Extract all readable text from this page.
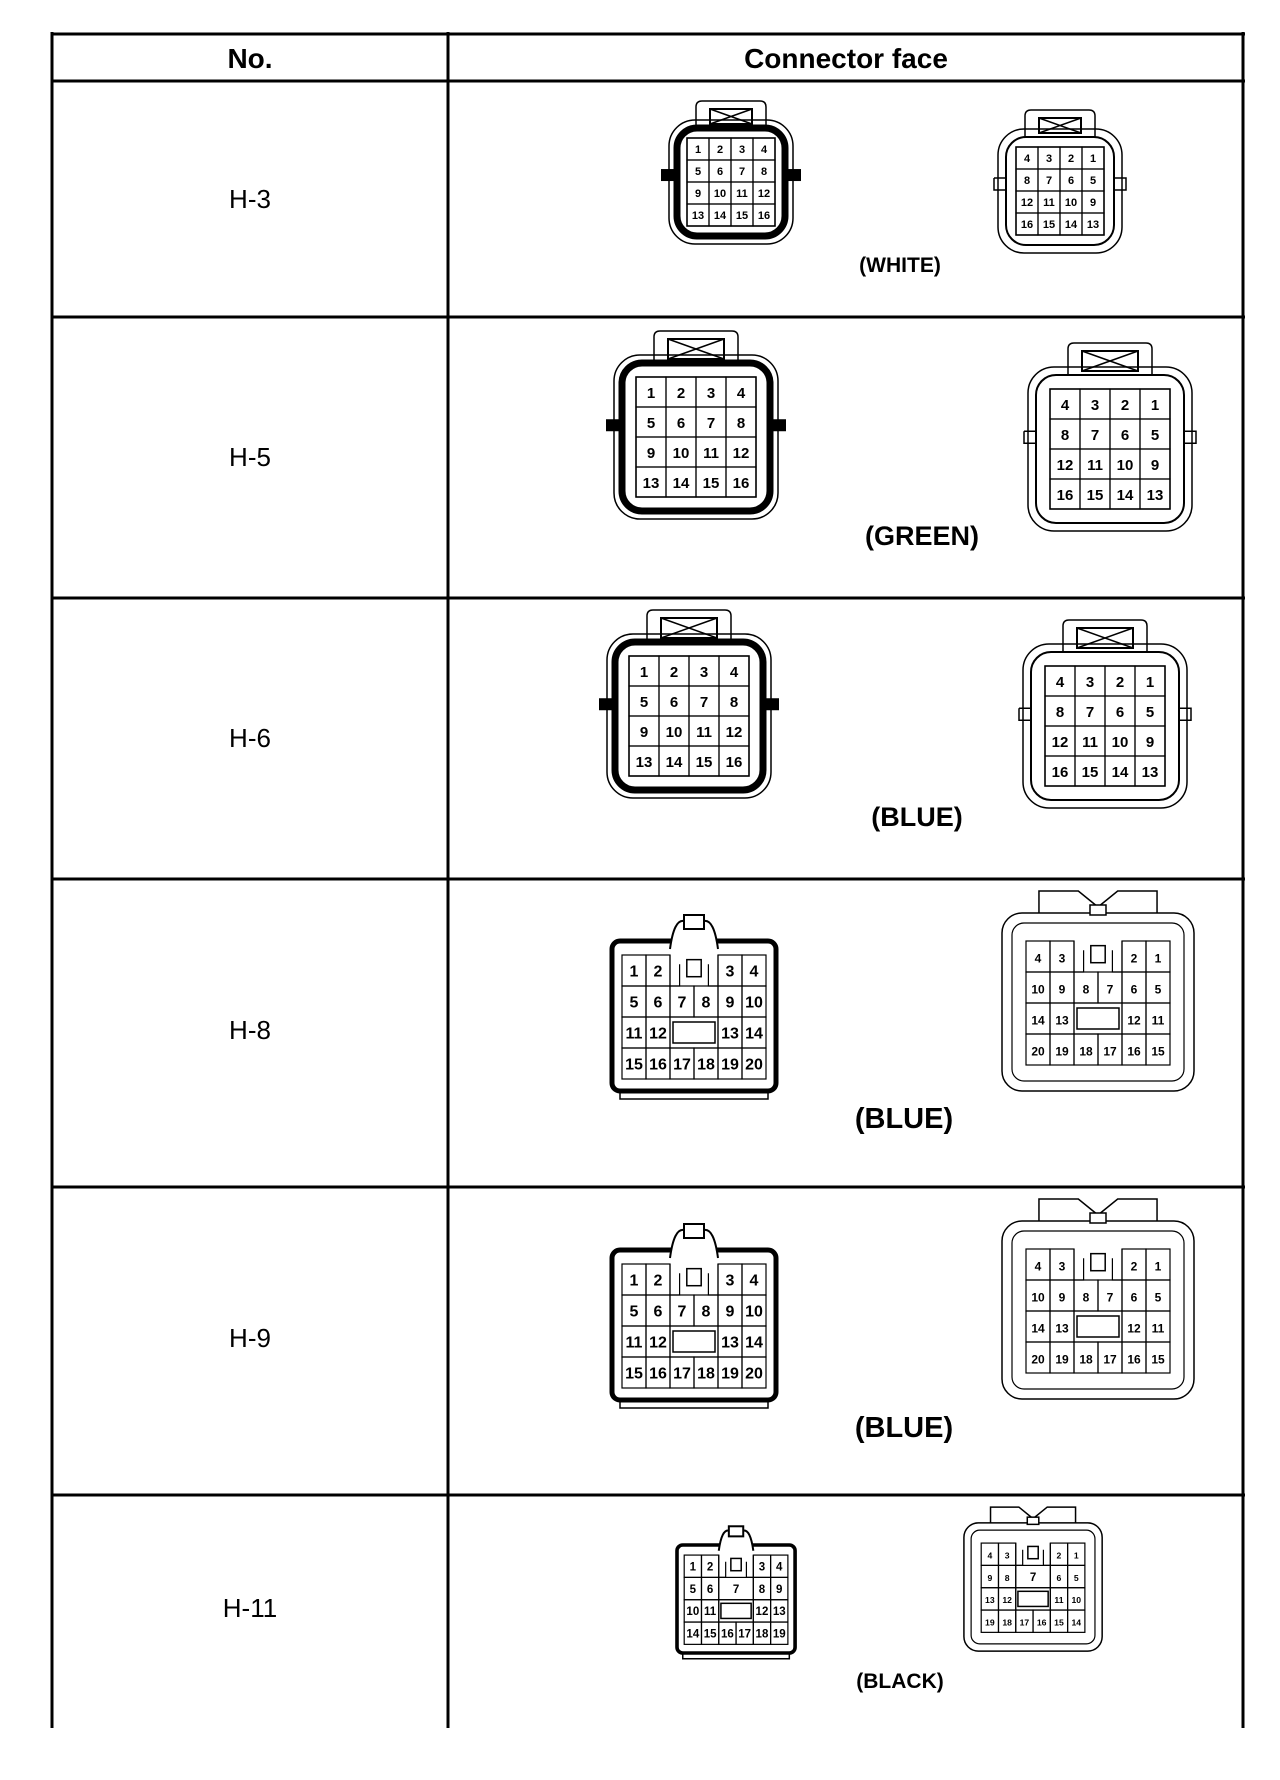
No.	Connector face
H-3
1 2 3 4
5 6 7 8
9 10 11 12
13 14 15 16
4 3 2 1
8 7 6 5
12 11 10 9
16 15 14 13
(WHITE)
H-5
1 2 3 4
5 6 7 8
9 10 11 12
13 14 15 16
4 3 2 1
8 7 6 5
12 11 10 9
16 15 14 13
(GREEN)
H-6
1 2 3 4
5 6 7 8
9 10 11 12
13 14 15 16
4 3 2 1
8 7 6 5
12 11 10 9
16 15 14 13
(BLUE)
H-8
1 2	3 4
5 6 7 8 9 10
11 12	13 14
15 16 17 18 19 20
4 3	2 1
10 9 8 7 6 5
14 13	12 11
20 19 18 17 16 15
(BLUE)
H-9
1 2	3 4
5 6 7 8 9 10
11 12	13 14
15 16 17 18 19 20
4 3	2 1
10 9 8 7 6 5
14 13	12 11
20 19 18 17 16 15
(BLUE)
H-11
1 2	3 4
5 6 7 8 9
10 11	12 13
14 15 16 17 18 19
4 3	2 1
9 8 7 6 5
13 12	11 10
19 18 17 16 15 14
(BLACK)
